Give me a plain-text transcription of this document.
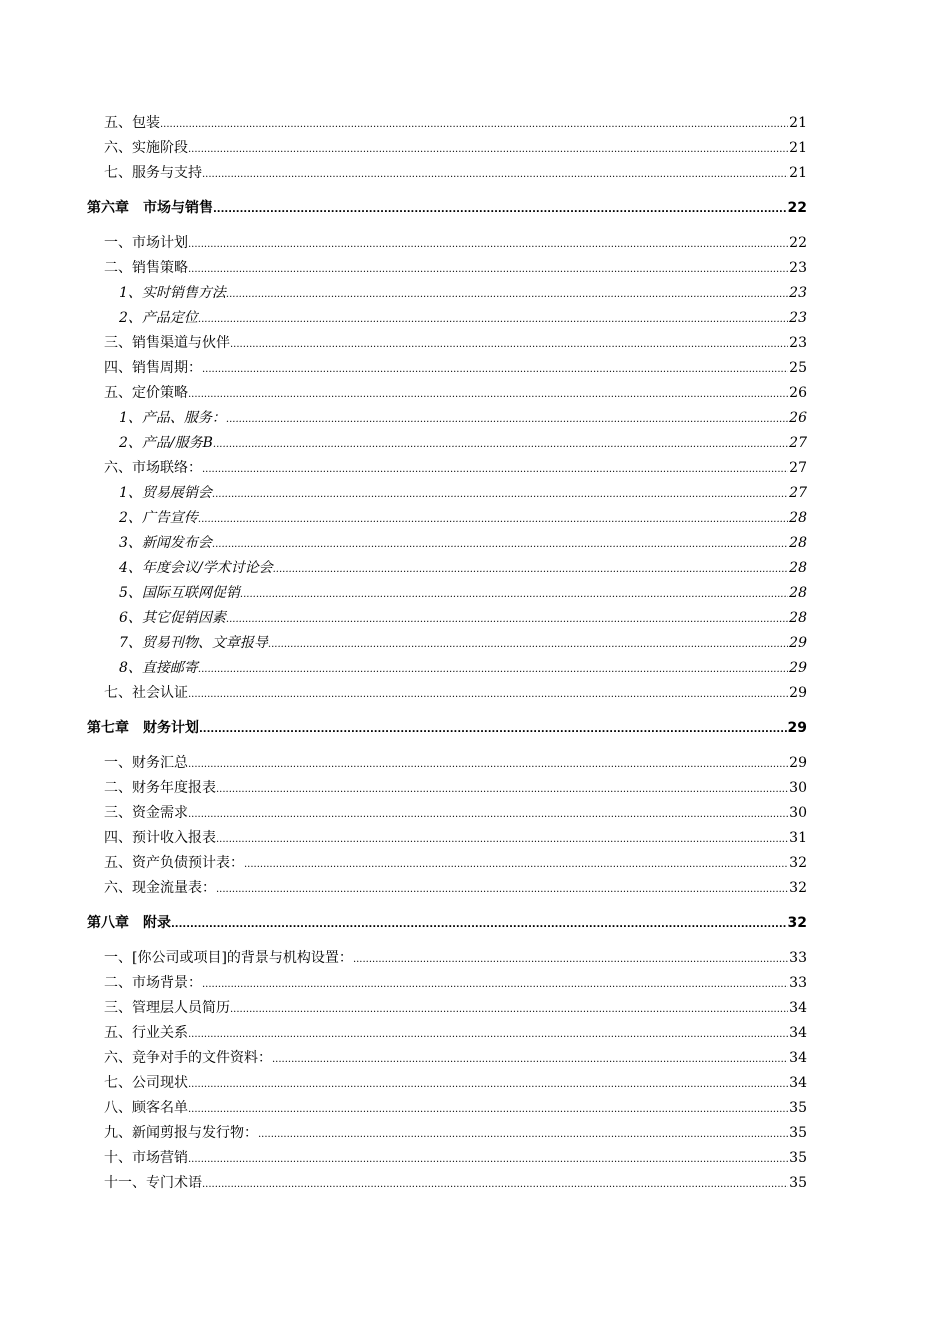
五、包装 .....	21
六、实施阶段 .....	21
七、服务与支持 .....	21
第六章　市场与销售 .....	22
一、市场计划 .....	22
二、销售策略 .....	23
1、实时销售方法 .....	23
2、产品定位 .....	23
三、销售渠道与伙伴 .....	23
四、销售周期： .....	25
五、定价策略 .....	26
1、产品、服务： .....	26
2、产品/服务B .....	27
六、市场联络： .....	27
1、贸易展销会 .....	27
2、广告宣传 .....	28
3、新闻发布会 .....	28
4、年度会议/学术讨论会 .....	28
5、国际互联网促销 .....	28
6、其它促销因素 .....	28
7、贸易刊物、文章报导 .....	29
8、直接邮寄 .....	29
七、社会认证 .....	29
第七章　财务计划 .....	29
一、财务汇总 .....	29
二、财务年度报表 .....	30
三、资金需求 .....	30
四、预计收入报表 .....	31
五、资产负债预计表： .....	32
六、现金流量表： .....	32
第八章　附录 .....	32
一、[你公司或项目]的背景与机构设置： .....	33
二、市场背景： .....	33
三、管理层人员简历 .....	34
五、行业关系 .....	34
六、竞争对手的文件资料： .....	34
七、公司现状 .....	34
八、顾客名单 .....	35
九、新闻剪报与发行物： .....	35
十、市场营销 .....	35
十一、专门术语 .....	35
